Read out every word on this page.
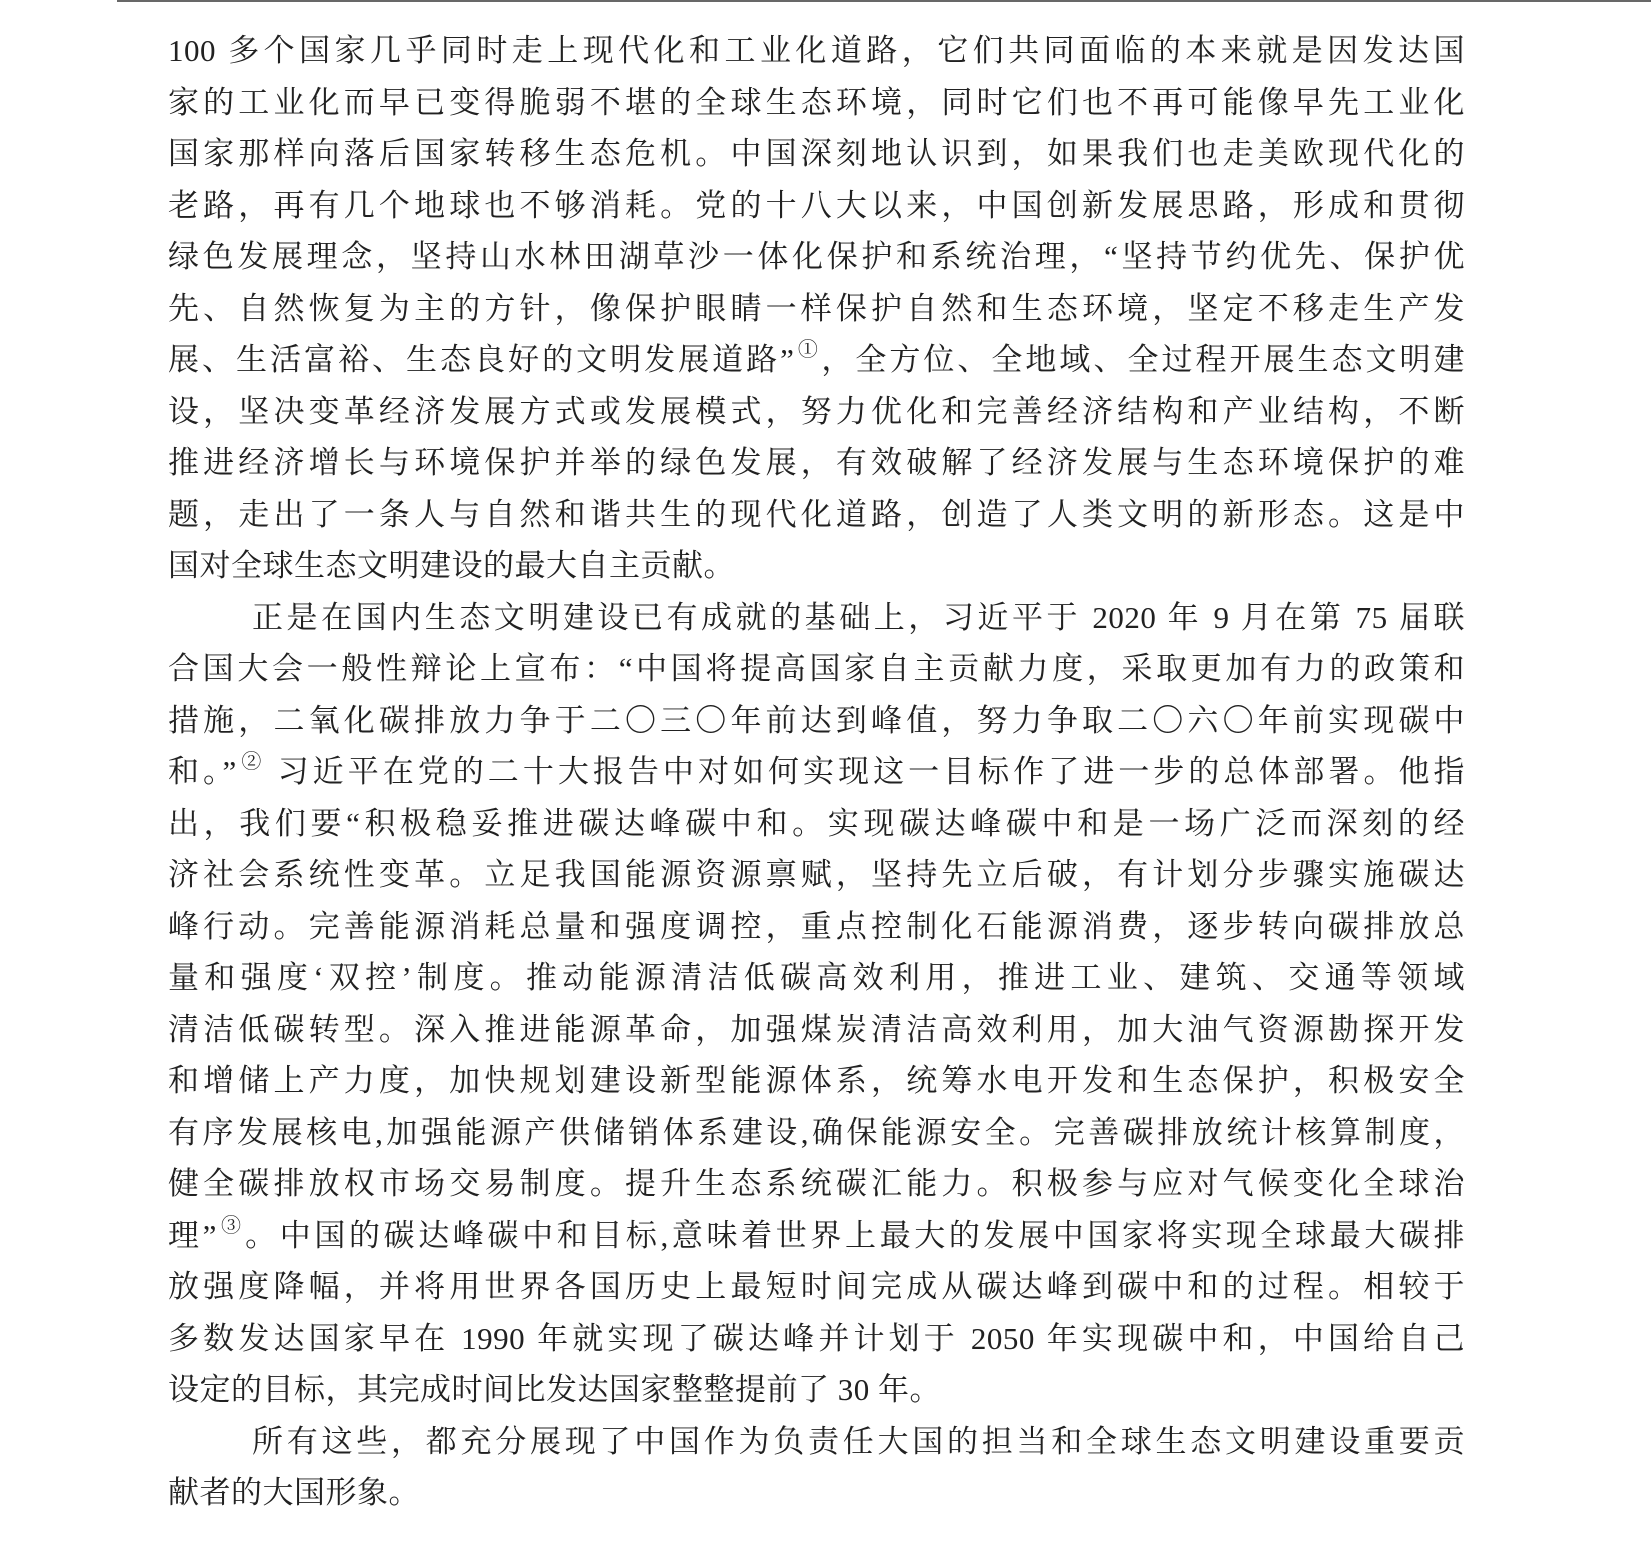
100 多个国家几乎同时走上现代化和工业化道路，它们共同面临的本来就是因发达国
家的工业化而早已变得脆弱不堪的全球生态环境，同时它们也不再可能像早先工业化
国家那样向落后国家转移生态危机。中国深刻地认识到，如果我们也走美欧现代化的
老路，再有几个地球也不够消耗。党的十八大以来，中国创新发展思路，形成和贯彻
绿色发展理念，坚持山水林田湖草沙一体化保护和系统治理，“坚持节约优先、保护优
先、自然恢复为主的方针，像保护眼睛一样保护自然和生态环境，坚定不移走生产发
展、生活富裕、生态良好的文明发展道路”①，全方位、全地域、全过程开展生态文明建
设，坚决变革经济发展方式或发展模式，努力优化和完善经济结构和产业结构，不断
推进经济增长与环境保护并举的绿色发展，有效破解了经济发展与生态环境保护的难
题，走出了一条人与自然和谐共生的现代化道路，创造了人类文明的新形态。这是中
国对全球生态文明建设的最大自主贡献。
正是在国内生态文明建设已有成就的基础上，习近平于 2020 年 9 月在第 75 届联
合国大会一般性辩论上宣布：“中国将提高国家自主贡献力度，采取更加有力的政策和
措施，二氧化碳排放力争于二〇三〇年前达到峰值，努力争取二〇六〇年前实现碳中
和。”② 习近平在党的二十大报告中对如何实现这一目标作了进一步的总体部署。他指
出，我们要“积极稳妥推进碳达峰碳中和。实现碳达峰碳中和是一场广泛而深刻的经
济社会系统性变革。立足我国能源资源禀赋，坚持先立后破，有计划分步骤实施碳达
峰行动。完善能源消耗总量和强度调控，重点控制化石能源消费，逐步转向碳排放总
量和强度‘双控’制度。推动能源清洁低碳高效利用，推进工业、建筑、交通等领域
清洁低碳转型。深入推进能源革命，加强煤炭清洁高效利用，加大油气资源勘探开发
和增储上产力度，加快规划建设新型能源体系，统筹水电开发和生态保护，积极安全
有序发展核电,加强能源产供储销体系建设,确保能源安全。完善碳排放统计核算制度，
健全碳排放权市场交易制度。提升生态系统碳汇能力。积极参与应对气候变化全球治
理”③。中国的碳达峰碳中和目标,意味着世界上最大的发展中国家将实现全球最大碳排
放强度降幅，并将用世界各国历史上最短时间完成从碳达峰到碳中和的过程。相较于
多数发达国家早在 1990 年就实现了碳达峰并计划于 2050 年实现碳中和，中国给自己
设定的目标，其完成时间比发达国家整整提前了 30 年。
所有这些，都充分展现了中国作为负责任大国的担当和全球生态文明建设重要贡
献者的大国形象。
